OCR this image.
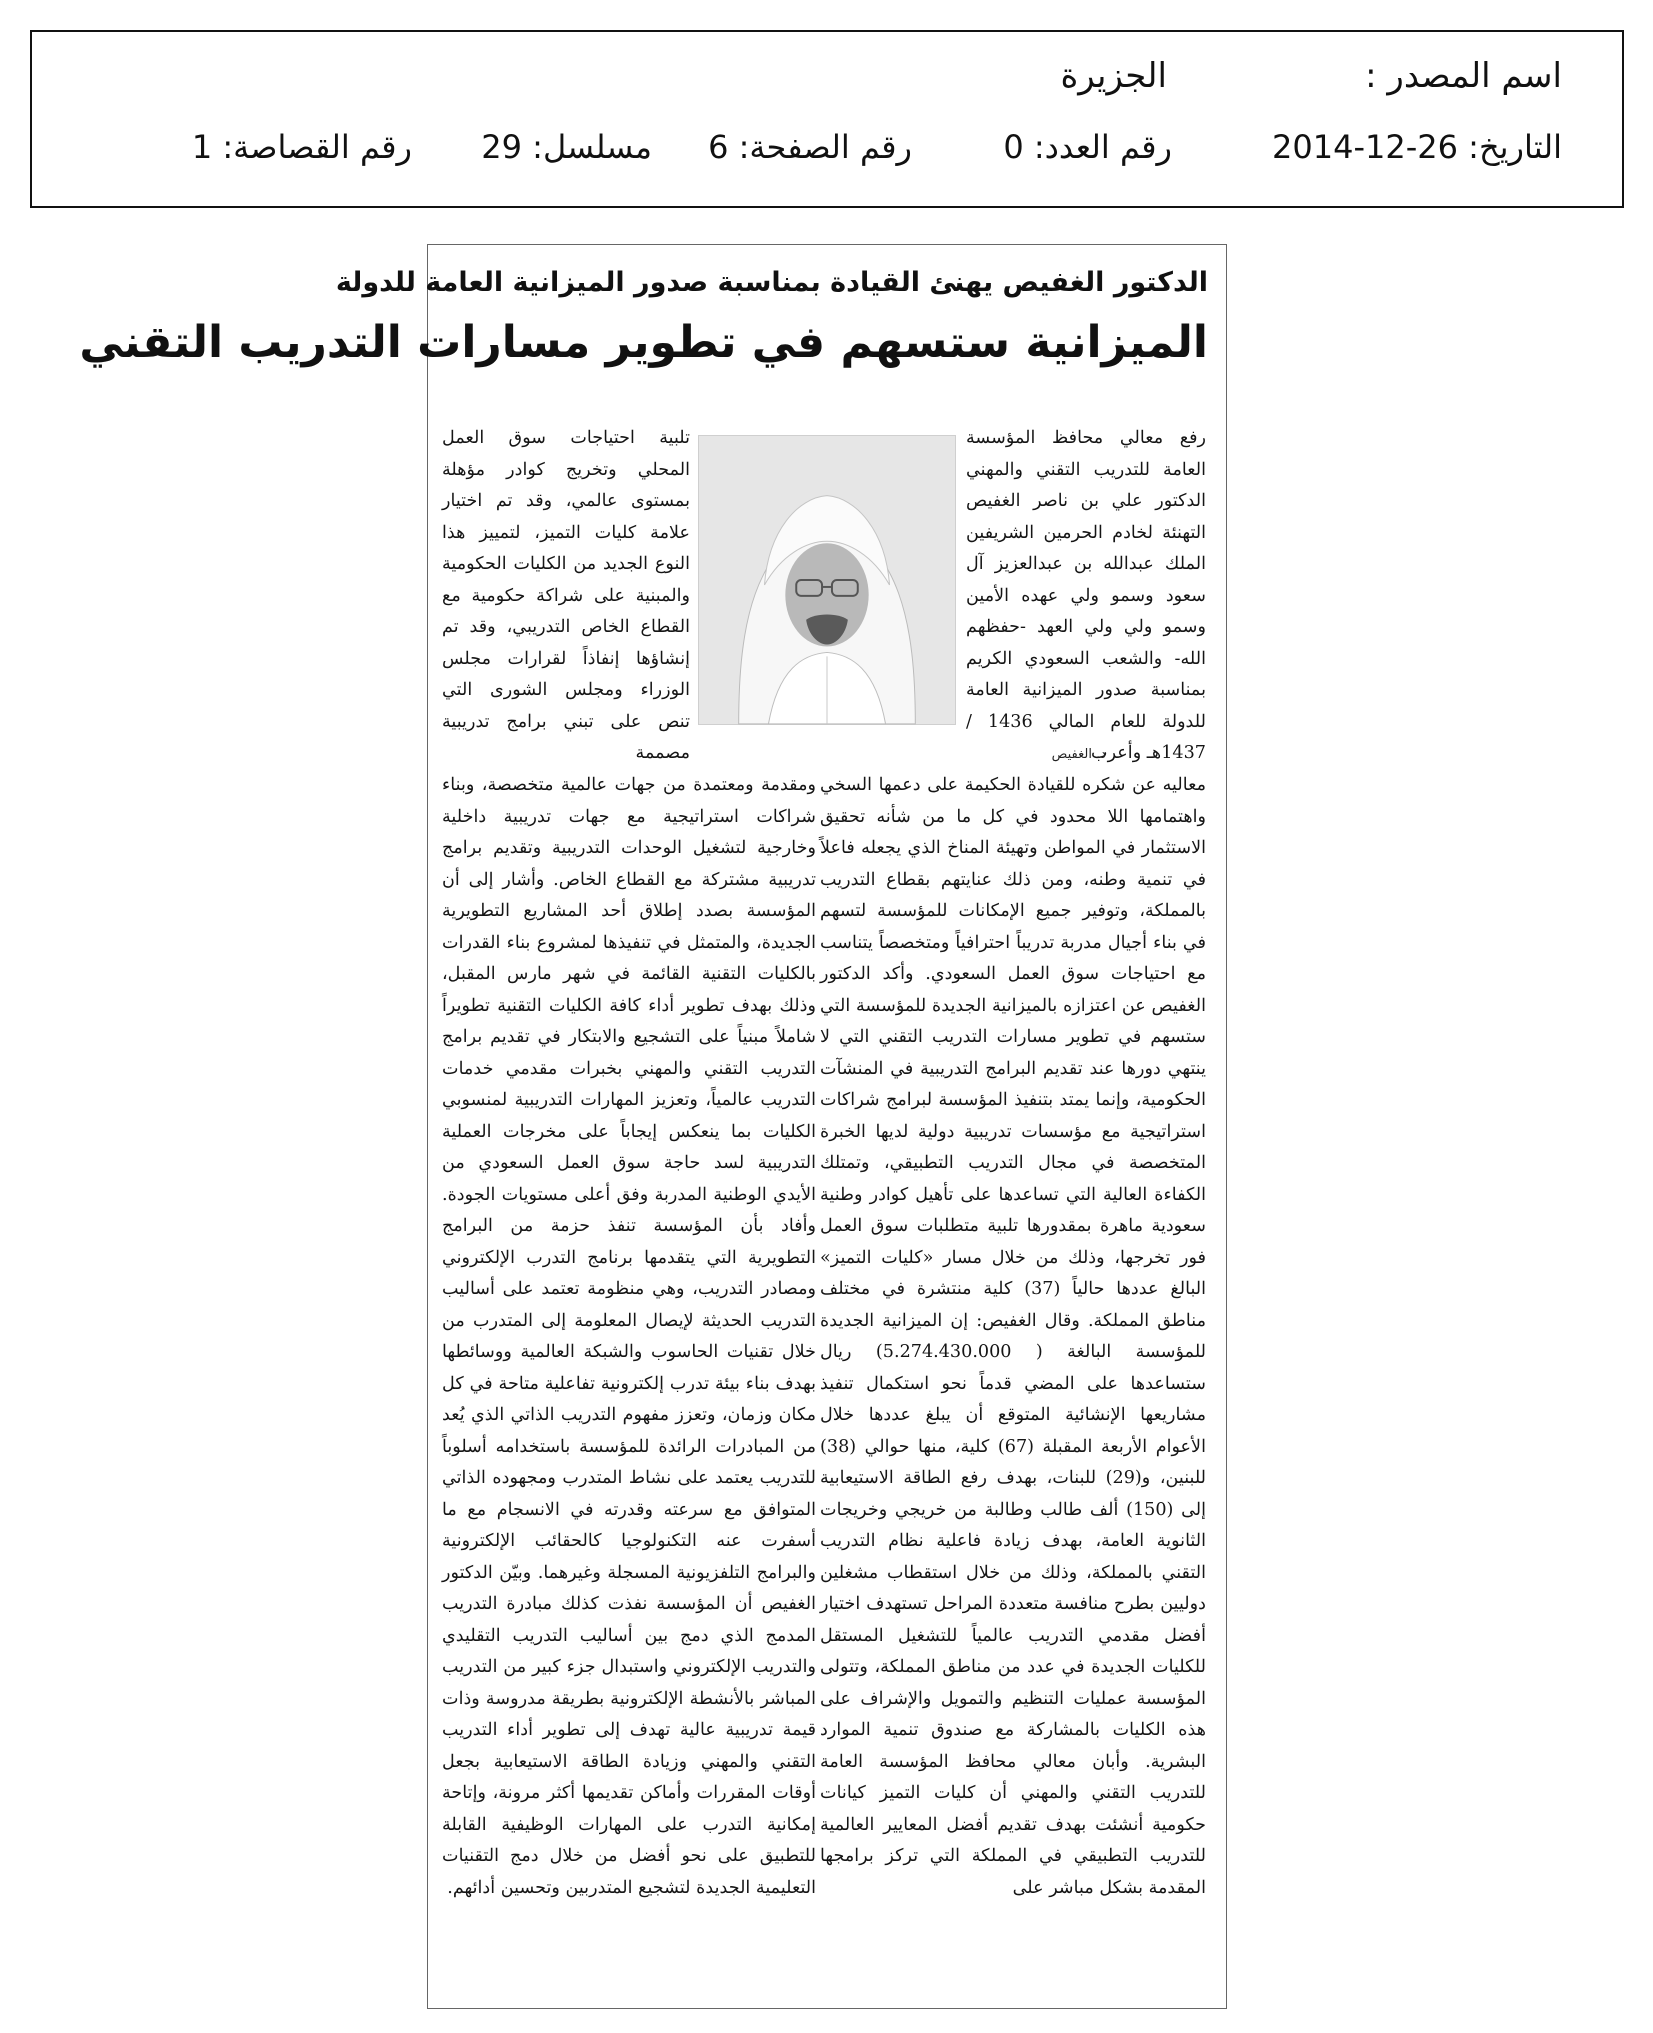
اسم المصدر :
الجزيرة
التاريخ: 26-12-2014
رقم العدد: 0
رقم الصفحة: 6
مسلسل: 29
رقم القصاصة: 1
الدكتور الغفيص يهنئ القيادة بمناسبة صدور الميزانية العامة للدولة
الميزانية ستسهم في تطوير مسارات التدريب التقني
رفع معالي محافظ المؤسسة العامة للتدريب التقني والمهني الدكتور علي بن ناصر الغفيص التهنئة لخادم الحرمين الشريفين الملك عبدالله بن عبدالعزيز آل سعود وسمو ولي عهده الأمين وسمو ولي ولي العهد -حفظهم الله- والشعب السعودي الكريم بمناسبة صدور الميزانية العامة للدولة للعام المالي 1436 / 1437هـ وأعرب
د. الغفيص
تلبية احتياجات سوق العمل المحلي وتخريج كوادر مؤهلة بمستوى عالمي، وقد تم اختيار علامة كليات التميز، لتمييز هذا النوع الجديد من الكليات الحكومية والمبنية على شراكة حكومية مع القطاع الخاص التدريبي، وقد تم إنشاؤها إنفاذاً لقرارات مجلس الوزراء ومجلس الشورى التي تنص على تبني برامج تدريبية مصممة
معاليه عن شكره للقيادة الحكيمة على دعمها السخي واهتمامها اللا محدود في كل ما من شأنه تحقيق الاستثمار في المواطن وتهيئة المناخ الذي يجعله فاعلاً في تنمية وطنه، ومن ذلك عنايتهم بقطاع التدريب بالمملكة، وتوفير جميع الإمكانات للمؤسسة لتسهم في بناء أجيال مدربة تدريباً احترافياً ومتخصصاً يتناسب مع احتياجات سوق العمل السعودي. وأكد الدكتور الغفيص عن اعتزازه بالميزانية الجديدة للمؤسسة التي ستسهم في تطوير مسارات التدريب التقني التي لا ينتهي دورها عند تقديم البرامج التدريبية في المنشآت الحكومية، وإنما يمتد بتنفيذ المؤسسة لبرامج شراكات استراتيجية مع مؤسسات تدريبية دولية لديها الخبرة المتخصصة في مجال التدريب التطبيقي، وتمتلك الكفاءة العالية التي تساعدها على تأهيل كوادر وطنية سعودية ماهرة بمقدورها تلبية متطلبات سوق العمل فور تخرجها، وذلك من خلال مسار «كليات التميز» البالغ عددها حالياً (37) كلية منتشرة في مختلف مناطق المملكة. وقال الغفيص: إن الميزانية الجديدة للمؤسسة البالغة ( 5.274.430.000) ريال ستساعدها على المضي قدماً نحو استكمال تنفيذ مشاريعها الإنشائية المتوقع أن يبلغ عددها خلال الأعوام الأربعة المقبلة (67) كلية، منها حوالي (38) للبنين، و(29) للبنات، بهدف رفع الطاقة الاستيعابية إلى (150) ألف طالب وطالبة من خريجي وخريجات الثانوية العامة، بهدف زيادة فاعلية نظام التدريب التقني بالمملكة، وذلك من خلال استقطاب مشغلين دوليين بطرح منافسة متعددة المراحل تستهدف اختيار أفضل مقدمي التدريب عالمياً للتشغيل المستقل للكليات الجديدة في عدد من مناطق المملكة، وتتولى المؤسسة عمليات التنظيم والتمويل والإشراف على هذه الكليات بالمشاركة مع صندوق تنمية الموارد البشرية. وأبان معالي محافظ المؤسسة العامة للتدريب التقني والمهني أن كليات التميز كيانات حكومية أنشئت بهدف تقديم أفضل المعايير العالمية للتدريب التطبيقي في المملكة التي تركز برامجها المقدمة بشكل مباشر على
ومقدمة ومعتمدة من جهات عالمية متخصصة، وبناء شراكات استراتيجية مع جهات تدريبية داخلية وخارجية لتشغيل الوحدات التدريبية وتقديم برامج تدريبية مشتركة مع القطاع الخاص. وأشار إلى أن المؤسسة بصدد إطلاق أحد المشاريع التطويرية الجديدة، والمتمثل في تنفيذها لمشروع بناء القدرات بالكليات التقنية القائمة في شهر مارس المقبل، وذلك بهدف تطوير أداء كافة الكليات التقنية تطويراً شاملاً مبنياً على التشجيع والابتكار في تقديم برامج التدريب التقني والمهني بخبرات مقدمي خدمات التدريب عالمياً، وتعزيز المهارات التدريبية لمنسوبي الكليات بما ينعكس إيجاباً على مخرجات العملية التدريبية لسد حاجة سوق العمل السعودي من الأيدي الوطنية المدربة وفق أعلى مستويات الجودة. وأفاد بأن المؤسسة تنفذ حزمة من البرامج التطويرية التي يتقدمها برنامج التدرب الإلكتروني ومصادر التدريب، وهي منظومة تعتمد على أساليب التدريب الحديثة لإيصال المعلومة إلى المتدرب من خلال تقنيات الحاسوب والشبكة العالمية ووسائطها بهدف بناء بيئة تدرب إلكترونية تفاعلية متاحة في كل مكان وزمان، وتعزز مفهوم التدريب الذاتي الذي يُعد من المبادرات الرائدة للمؤسسة باستخدامه أسلوباً للتدريب يعتمد على نشاط المتدرب ومجهوده الذاتي المتوافق مع سرعته وقدرته في الانسجام مع ما أسفرت عنه التكنولوجيا كالحقائب الإلكترونية والبرامج التلفزيونية المسجلة وغيرهما. وبيّن الدكتور الغفيص أن المؤسسة نفذت كذلك مبادرة التدريب المدمج الذي دمج بين أساليب التدريب التقليدي والتدريب الإلكتروني واستبدال جزء كبير من التدريب المباشر بالأنشطة الإلكترونية بطريقة مدروسة وذات قيمة تدريبية عالية تهدف إلى تطوير أداء التدريب التقني والمهني وزيادة الطاقة الاستيعابية بجعل أوقات المقررات وأماكن تقديمها أكثر مرونة، وإتاحة إمكانية التدرب على المهارات الوظيفية القابلة للتطبيق على نحو أفضل من خلال دمج التقنيات التعليمية الجديدة لتشجيع المتدربين وتحسين أدائهم.
